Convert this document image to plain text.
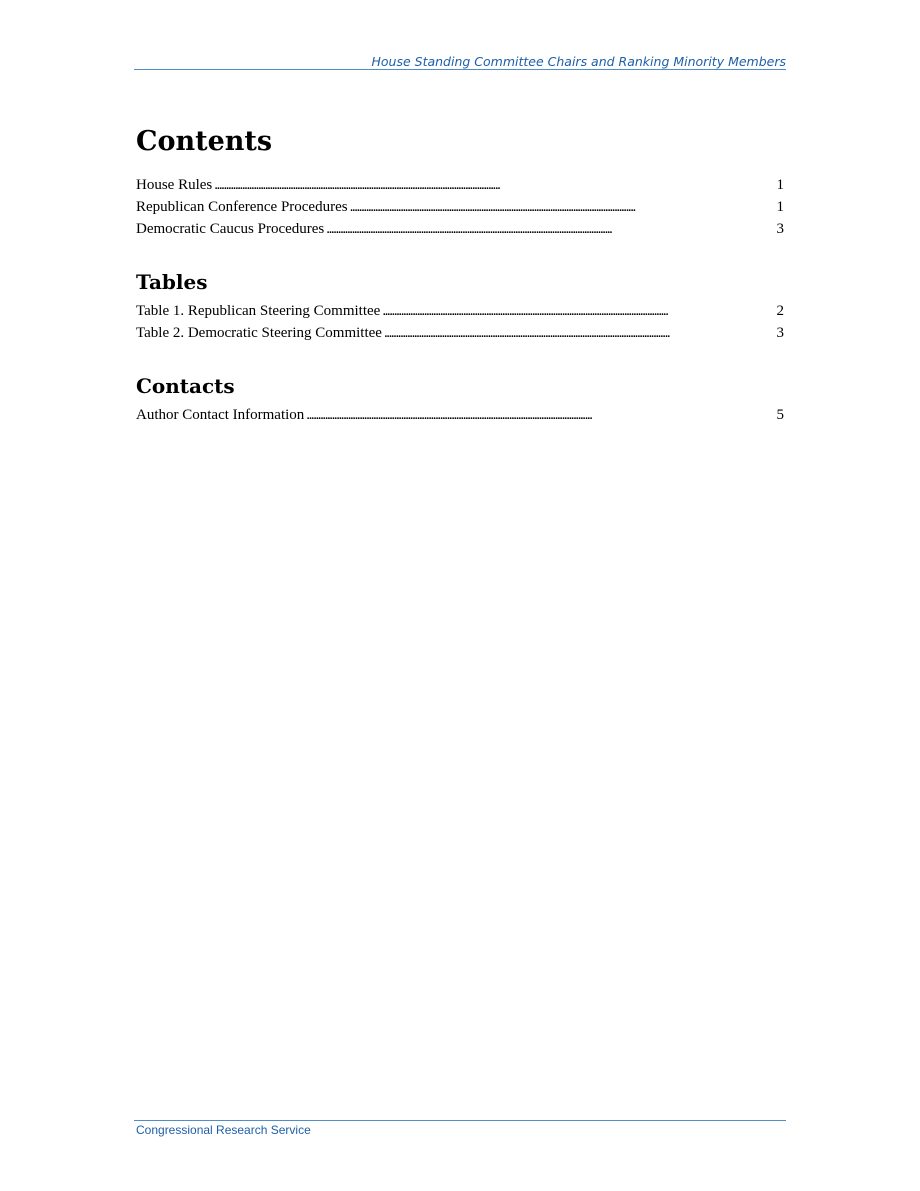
House Standing Committee Chairs and Ranking Minority Members
Contents
House Rules . . .	1
Republican Conference Procedures . . .	1
Democratic Caucus Procedures . . .	3
Tables
Table 1. Republican Steering Committee . . .	2
Table 2. Democratic Steering Committee . . .	3
Contacts
Author Contact Information . . .	5
Congressional Research Service
